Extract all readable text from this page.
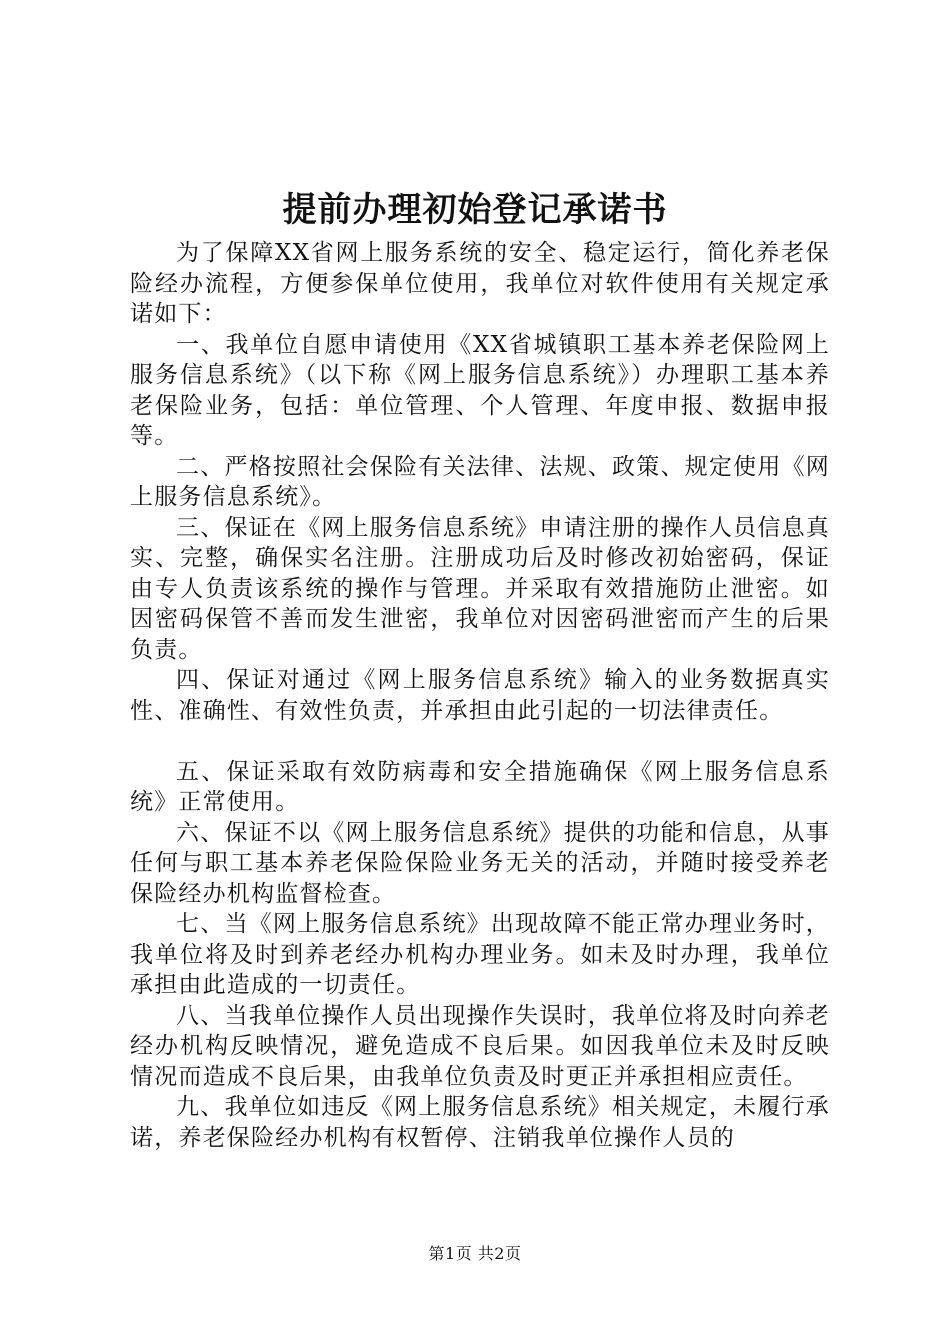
提前办理初始登记承诺书

为了保障XX省网上服务系统的安全、稳定运行，简化养老保险经办流程，方便参保单位使用，我单位对软件使用有关规定承诺如下：

一、我单位自愿申请使用《XX省城镇职工基本养老保险网上服务信息系统》（以下称《网上服务信息系统》）办理职工基本养老保险业务，包括：单位管理、个人管理、年度申报、数据申报等。

二、严格按照社会保险有关法律、法规、政策、规定使用《网上服务信息系统》。

三、保证在《网上服务信息系统》申请注册的操作人员信息真实、完整，确保实名注册。注册成功后及时修改初始密码，保证由专人负责该系统的操作与管理。并采取有效措施防止泄密。如因密码保管不善而发生泄密，我单位对因密码泄密而产生的后果负责。

四、保证对通过《网上服务信息系统》输入的业务数据真实性、准确性、有效性负责，并承担由此引起的一切法律责任。

五、保证采取有效防病毒和安全措施确保《网上服务信息系统》正常使用。

六、保证不以《网上服务信息系统》提供的功能和信息，从事任何与职工基本养老保险保险业务无关的活动，并随时接受养老保险经办机构监督检查。

七、当《网上服务信息系统》出现故障不能正常办理业务时，我单位将及时到养老经办机构办理业务。如未及时办理，我单位承担由此造成的一切责任。

八、当我单位操作人员出现操作失误时，我单位将及时向养老经办机构反映情况，避免造成不良后果。如因我单位未及时反映情况而造成不良后果，由我单位负责及时更正并承担相应责任。

九、我单位如违反《网上服务信息系统》相关规定，未履行承诺，养老保险经办机构有权暂停、注销我单位操作人员的

第1页 共2页
